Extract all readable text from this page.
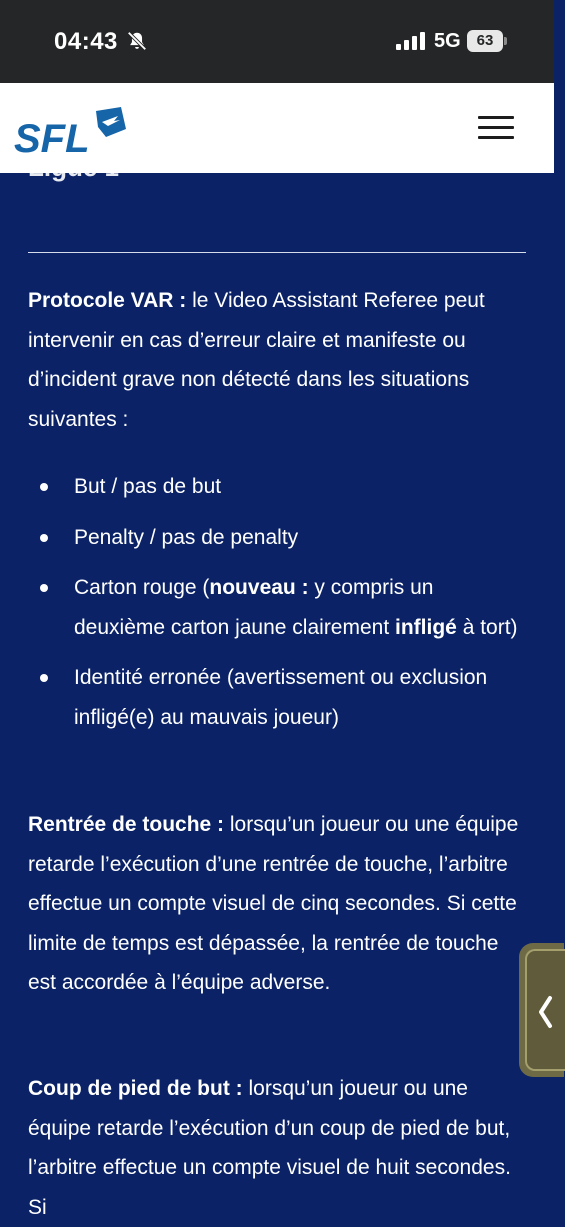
04:43	5G	63
SFL
Ligue 1

Protocole VAR : le Video Assistant Referee peut intervenir en cas d’erreur claire et manifeste ou d’incident grave non détecté dans les situations suivantes :

But / pas de but
Penalty / pas de penalty
Carton rouge (nouveau : y compris un deuxième carton jaune clairement infligé à tort)
Identité erronée (avertissement ou exclusion infligé(e) au mauvais joueur)

Rentrée de touche : lorsqu’un joueur ou une équipe retarde l’exécution d’une rentrée de touche, l’arbitre effectue un compte visuel de cinq secondes. Si cette limite de temps est dépassée, la rentrée de touche est accordée à l’équipe adverse.

Coup de pied de but : lorsqu’un joueur ou une équipe retarde l’exécution d’un coup de pied de but, l’arbitre effectue un compte visuel de huit secondes. Si
